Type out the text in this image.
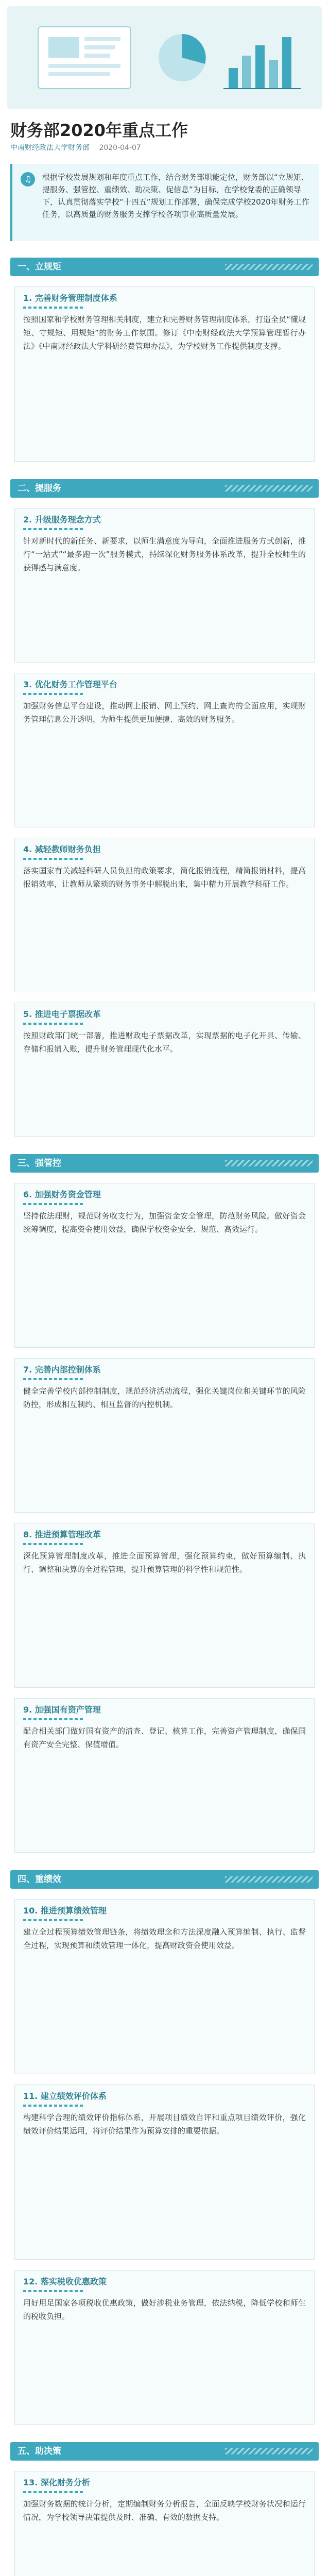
财务部2020年重点工作
中南财经政法大学财务部 2020-04-07
♫	根据学校发展规划和年度重点工作，结合财务部职能定位，财务部以“立规矩、提服务、强管控、重绩效、助决策、促信息”为目标，在学校党委的正确领导下，认真贯彻落实学校“十四五”规划工作部署，确保完成学校2020年财务工作任务，以高质量的财务服务支撑学校各项事业高质量发展。
一、立规矩
1. 完善财务管理制度体系
按照国家和学校财务管理相关制度，建立和完善财务管理制度体系，打造全员“懂规矩、守规矩、用规矩”的财务工作氛围。修订《中南财经政法大学预算管理暂行办法》《中南财经政法大学科研经费管理办法》，为学校财务工作提供制度支撑。
二、提服务
2. 升级服务理念方式
针对新时代的新任务、新要求，以师生满意度为导向，全面推进服务方式创新，推行“一站式”“最多跑一次”服务模式，持续深化财务服务体系改革，提升全校师生的获得感与满意度。
3. 优化财务工作管理平台
加强财务信息平台建设，推动网上报销、网上预约、网上查询的全面应用，实现财务管理信息公开透明，为师生提供更加便捷、高效的财务服务。
4. 减轻教师财务负担
落实国家有关减轻科研人员负担的政策要求，简化报销流程，精简报销材料，提高报销效率，让教师从繁琐的财务事务中解脱出来，集中精力开展教学科研工作。
5. 推进电子票据改革
按照财政部门统一部署，推进财政电子票据改革，实现票据的电子化开具、传输、存储和报销入账，提升财务管理现代化水平。
三、强管控
6. 加强财务资金管理
坚持依法理财，规范财务收支行为，加强资金安全管理，防范财务风险。做好资金统筹调度，提高资金使用效益，确保学校资金安全、规范、高效运行。
7. 完善内部控制体系
健全完善学校内部控制制度，规范经济活动流程，强化关键岗位和关键环节的风险防控，形成相互制约、相互监督的内控机制。
8. 推进预算管理改革
深化预算管理制度改革，推进全面预算管理，强化预算约束，做好预算编制、执行、调整和决算的全过程管理，提升预算管理的科学性和规范性。
9. 加强国有资产管理
配合相关部门做好国有资产的清查、登记、核算工作，完善资产管理制度，确保国有资产安全完整、保值增值。
四、重绩效
10. 推进预算绩效管理
建立全过程预算绩效管理链条，将绩效理念和方法深度融入预算编制、执行、监督全过程，实现预算和绩效管理一体化，提高财政资金使用效益。
11. 建立绩效评价体系
构建科学合理的绩效评价指标体系，开展项目绩效自评和重点项目绩效评价，强化绩效评价结果运用，将评价结果作为预算安排的重要依据。
12. 落实税收优惠政策
用好用足国家各项税收优惠政策，做好涉税业务管理，依法纳税，降低学校和师生的税收负担。
五、助决策
13. 深化财务分析
加强财务数据的统计分析，定期编制财务分析报告，全面反映学校财务状况和运行情况，为学校领导决策提供及时、准确、有效的数据支持。
